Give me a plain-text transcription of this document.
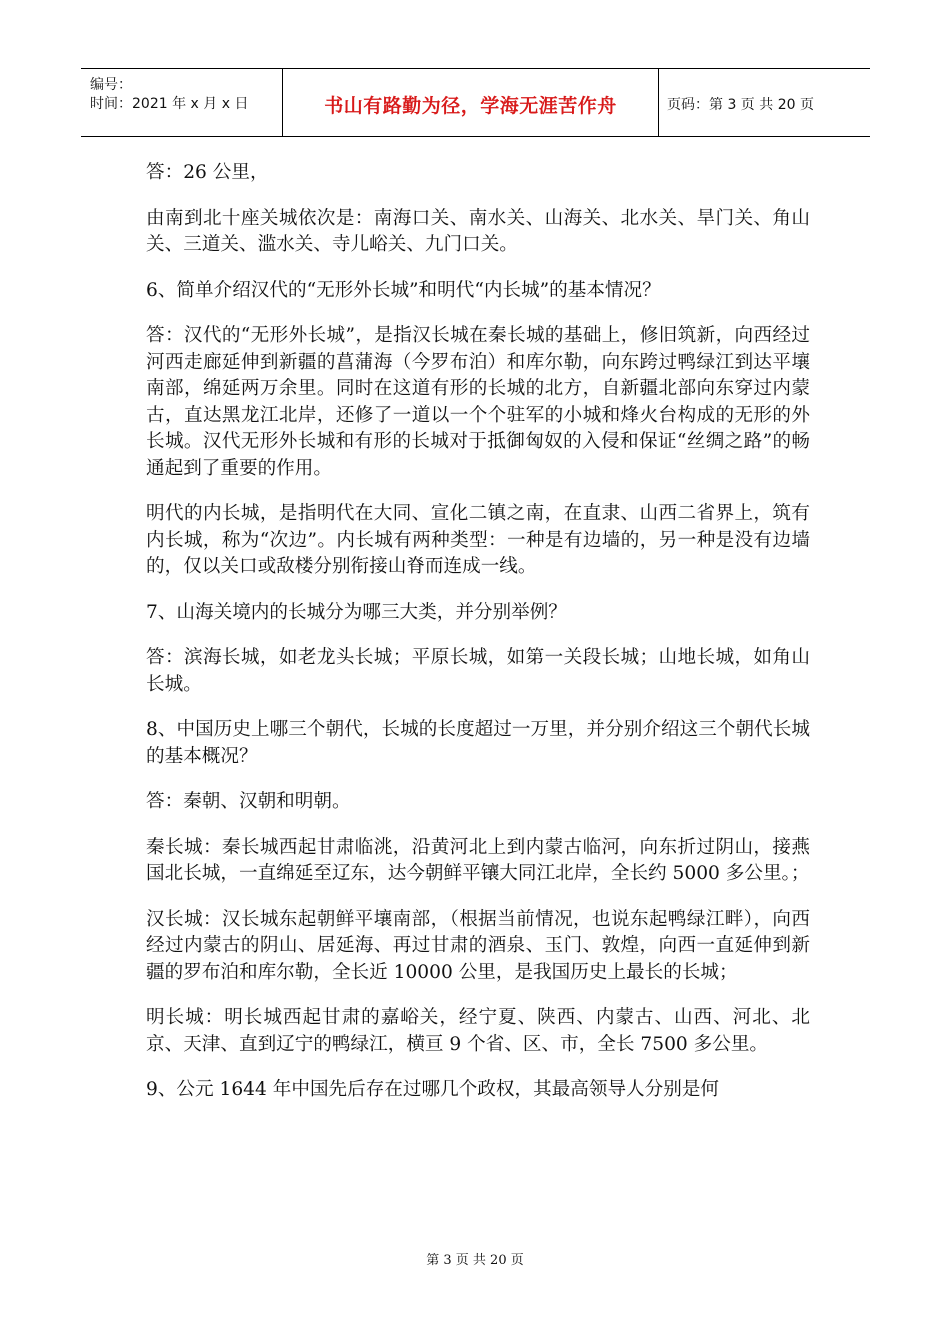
编号：
时间：2021 年 x 月 x 日	书山有路勤为径，学海无涯苦作舟	页码：第 3 页 共 20 页

答：26 公里，

由南到北十座关城依次是：南海口关、南水关、山海关、北水关、旱门关、角山关、三道关、滥水关、寺儿峪关、九门口关。

6、简单介绍汉代的“无形外长城”和明代“内长城”的基本情况？

答：汉代的“无形外长城”，是指汉长城在秦长城的基础上，修旧筑新，向西经过河西走廊延伸到新疆的菖蒲海（今罗布泊）和库尔勒，向东跨过鸭绿江到达平壤南部，绵延两万余里。同时在这道有形的长城的北方，自新疆北部向东穿过内蒙古，直达黑龙江北岸，还修了一道以一个个驻军的小城和烽火台构成的无形的外长城。汉代无形外长城和有形的长城对于抵御匈奴的入侵和保证“丝绸之路”的畅通起到了重要的作用。

明代的内长城，是指明代在大同、宣化二镇之南，在直隶、山西二省界上，筑有内长城，称为“次边”。内长城有两种类型：一种是有边墙的，另一种是没有边墙的，仅以关口或敌楼分别衔接山脊而连成一线。

7、山海关境内的长城分为哪三大类，并分别举例？

答：滨海长城，如老龙头长城；平原长城，如第一关段长城；山地长城，如角山长城。

8、中国历史上哪三个朝代，长城的长度超过一万里，并分别介绍这三个朝代长城的基本概况？

答：秦朝、汉朝和明朝。

秦长城：秦长城西起甘肃临洮，沿黄河北上到内蒙古临河，向东折过阴山，接燕国北长城，一直绵延至辽东，达今朝鲜平镶大同江北岸，全长约 5000 多公里。；

汉长城：汉长城东起朝鲜平壤南部，（根据当前情况，也说东起鸭绿江畔），向西经过内蒙古的阴山、居延海、再过甘肃的酒泉、玉门、敦煌，向西一直延伸到新疆的罗布泊和库尔勒，全长近 10000 公里，是我国历史上最长的长城；

明长城：明长城西起甘肃的嘉峪关，经宁夏、陕西、内蒙古、山西、河北、北京、天津、直到辽宁的鸭绿江，横亘 9 个省、区、市，全长 7500 多公里。

9、公元 1644 年中国先后存在过哪几个政权，其最高领导人分别是何

第 3 页 共 20 页
